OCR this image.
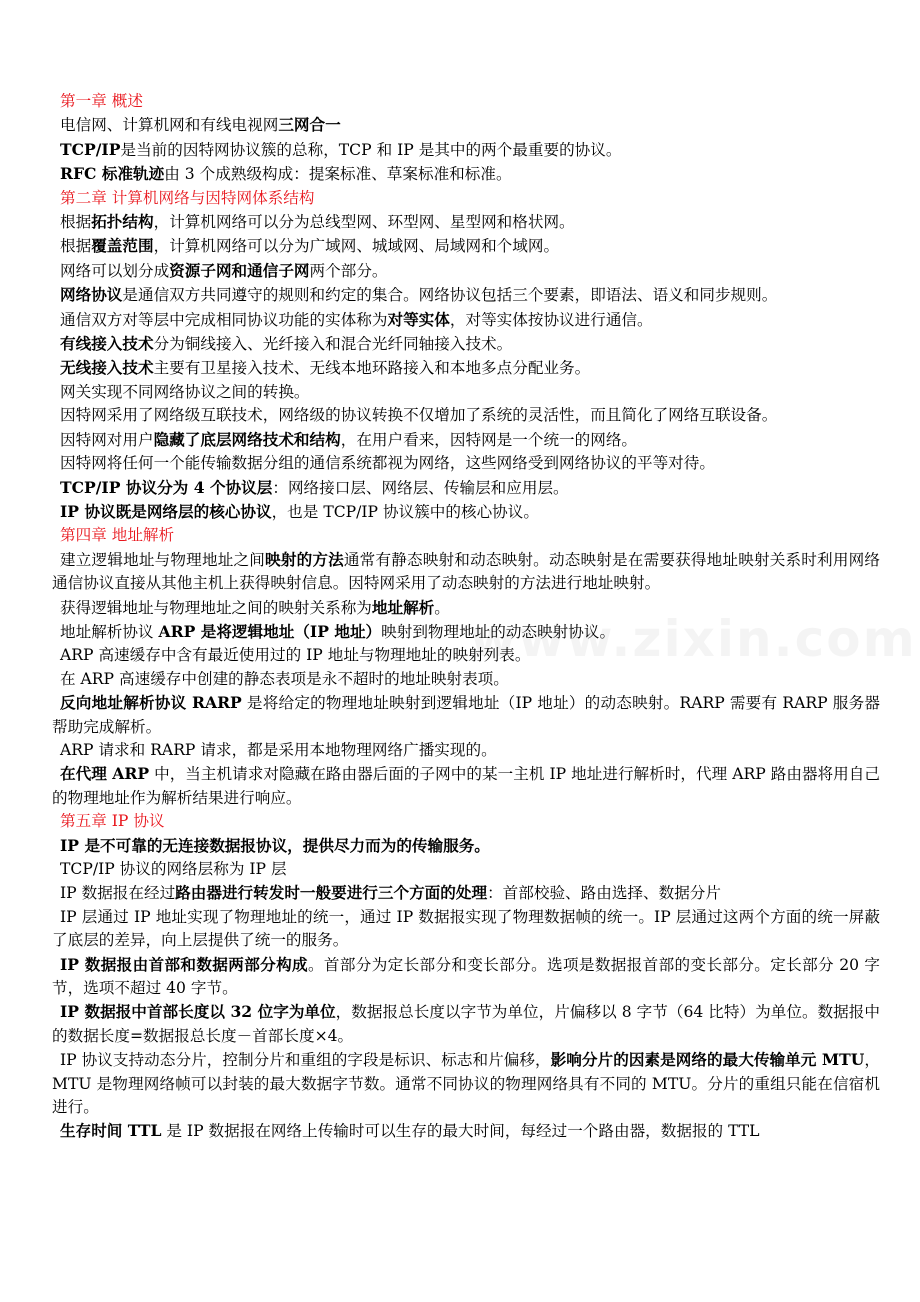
第一章 概述

电信网、计算机网和有线电视网三网合一

TCP/IP是当前的因特网协议簇的总称，TCP 和 IP 是其中的两个最重要的协议。

RFC 标准轨迹由 3 个成熟级构成：提案标准、草案标准和标准。

第二章 计算机网络与因特网体系结构

根据拓扑结构，计算机网络可以分为总线型网、环型网、星型网和格状网。

根据覆盖范围，计算机网络可以分为广域网、城域网、局域网和个域网。

网络可以划分成资源子网和通信子网两个部分。

网络协议是通信双方共同遵守的规则和约定的集合。网络协议包括三个要素，即语法、语义和同步规则。

通信双方对等层中完成相同协议功能的实体称为对等实体，对等实体按协议进行通信。

有线接入技术分为铜线接入、光纤接入和混合光纤同轴接入技术。

无线接入技术主要有卫星接入技术、无线本地环路接入和本地多点分配业务。

网关实现不同网络协议之间的转换。

因特网采用了网络级互联技术，网络级的协议转换不仅增加了系统的灵活性，而且简化了网络互联设备。

因特网对用户隐藏了底层网络技术和结构，在用户看来，因特网是一个统一的网络。

因特网将任何一个能传输数据分组的通信系统都视为网络，这些网络受到网络协议的平等对待。

TCP/IP 协议分为 4 个协议层：网络接口层、网络层、传输层和应用层。

IP 协议既是网络层的核心协议，也是 TCP/IP 协议簇中的核心协议。

第四章 地址解析

建立逻辑地址与物理地址之间映射的方法通常有静态映射和动态映射。动态映射是在需要获得地址映射关系时利用网络通信协议直接从其他主机上获得映射信息。因特网采用了动态映射的方法进行地址映射。

获得逻辑地址与物理地址之间的映射关系称为地址解析。

地址解析协议 ARP 是将逻辑地址（IP 地址）映射到物理地址的动态映射协议。

ARP 高速缓存中含有最近使用过的 IP 地址与物理地址的映射列表。

在 ARP 高速缓存中创建的静态表项是永不超时的地址映射表项。

反向地址解析协议 RARP 是将给定的物理地址映射到逻辑地址（IP 地址）的动态映射。RARP 需要有 RARP 服务器帮助完成解析。

ARP 请求和 RARP 请求，都是采用本地物理网络广播实现的。

在代理 ARP 中，当主机请求对隐藏在路由器后面的子网中的某一主机 IP 地址进行解析时，代理 ARP 路由器将用自己的物理地址作为解析结果进行响应。

第五章 IP 协议

IP 是不可靠的无连接数据报协议，提供尽力而为的传输服务。

TCP/IP 协议的网络层称为 IP 层

IP 数据报在经过路由器进行转发时一般要进行三个方面的处理：首部校验、路由选择、数据分片

IP 层通过 IP 地址实现了物理地址的统一，通过 IP 数据报实现了物理数据帧的统一。IP 层通过这两个方面的统一屏蔽了底层的差异，向上层提供了统一的服务。

IP 数据报由首部和数据两部分构成。首部分为定长部分和变长部分。选项是数据报首部的变长部分。定长部分 20 字节，选项不超过 40 字节。

IP 数据报中首部长度以 32 位字为单位，数据报总长度以字节为单位，片偏移以 8 字节（64 比特）为单位。数据报中的数据长度=数据报总长度－首部长度×4。

IP 协议支持动态分片，控制分片和重组的字段是标识、标志和片偏移，影响分片的因素是网络的最大传输单元 MTU，MTU 是物理网络帧可以封装的最大数据字节数。通常不同协议的物理网络具有不同的 MTU。分片的重组只能在信宿机进行。

生存时间 TTL 是 IP 数据报在网络上传输时可以生存的最大时间，每经过一个路由器，数据报的 TTL
